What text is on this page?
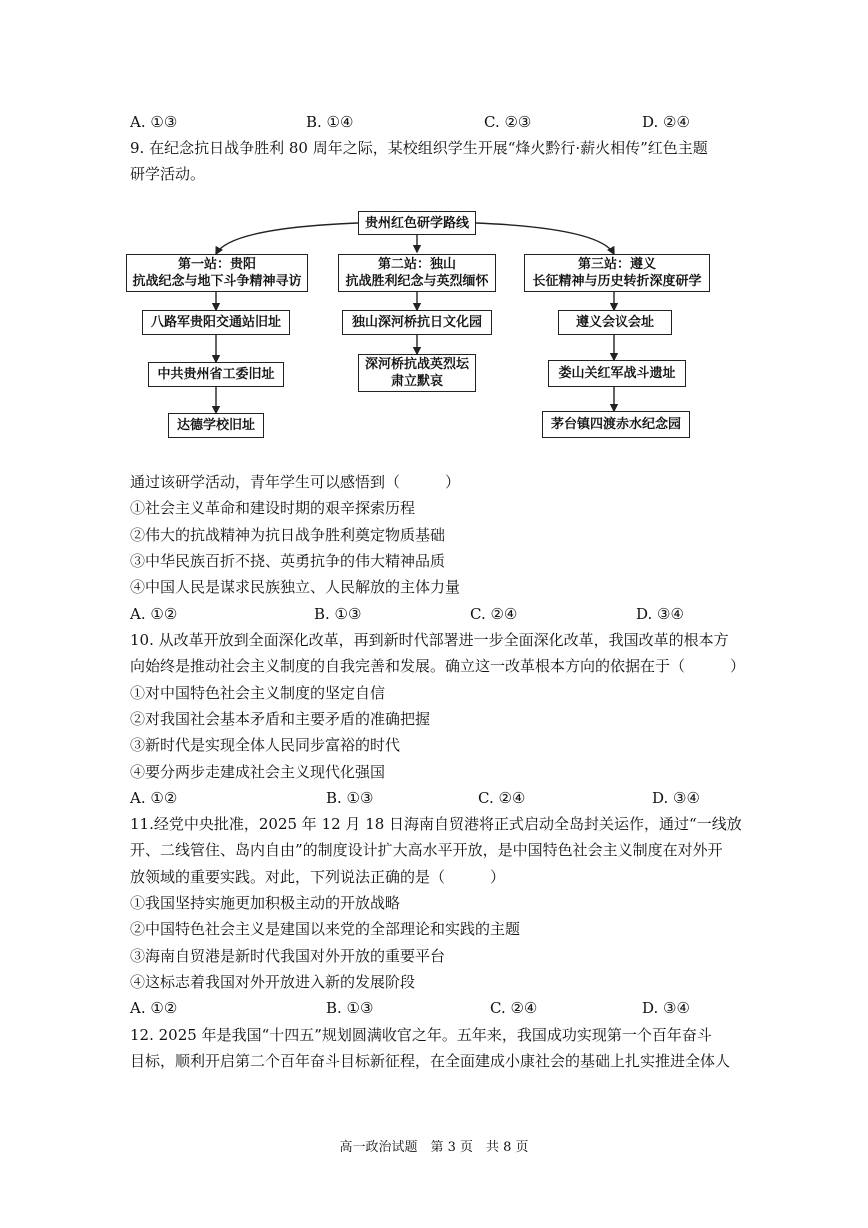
A. ①③	B. ①④	C. ②③	D. ②④
9. 在纪念抗日战争胜利 80 周年之际，某校组织学生开展“烽火黔行·薪火相传”红色主题
研学活动。
贵州红色研学路线
第一站：贵阳
抗战纪念与地下斗争精神寻访
第二站：独山
抗战胜利纪念与英烈缅怀
第三站：遵义
长征精神与历史转折深度研学
八路军贵阳交通站旧址
中共贵州省工委旧址
达德学校旧址
独山深河桥抗日文化园
深河桥抗战英烈坛
肃立默哀
遵义会议会址
娄山关红军战斗遗址
茅台镇四渡赤水纪念园
通过该研学活动，青年学生可以感悟到（　　　）
①社会主义革命和建设时期的艰辛探索历程
②伟大的抗战精神为抗日战争胜利奠定物质基础
③中华民族百折不挠、英勇抗争的伟大精神品质
④中国人民是谋求民族独立、人民解放的主体力量
A. ①②	B. ①③	C. ②④	D. ③④
10. 从改革开放到全面深化改革，再到新时代部署进一步全面深化改革，我国改革的根本方
向始终是推动社会主义制度的自我完善和发展。确立这一改革根本方向的依据在于（　　　）
①对中国特色社会主义制度的坚定自信
②对我国社会基本矛盾和主要矛盾的准确把握
③新时代是实现全体人民同步富裕的时代
④要分两步走建成社会主义现代化强国
A. ①②	B. ①③	C. ②④	D. ③④
11.经党中央批准，2025 年 12 月 18 日海南自贸港将正式启动全岛封关运作，通过“一线放
开、二线管住、岛内自由”的制度设计扩大高水平开放，是中国特色社会主义制度在对外开
放领域的重要实践。对此，下列说法正确的是（　　　）
①我国坚持实施更加积极主动的开放战略
②中国特色社会主义是建国以来党的全部理论和实践的主题
③海南自贸港是新时代我国对外开放的重要平台
④这标志着我国对外开放进入新的发展阶段
A. ①②	B. ①③	C. ②④	D. ③④
12. 2025 年是我国“十四五”规划圆满收官之年。五年来，我国成功实现第一个百年奋斗
目标，顺利开启第二个百年奋斗目标新征程，在全面建成小康社会的基础上扎实推进全体人
高一政治试题　第 3 页　共 8 页
